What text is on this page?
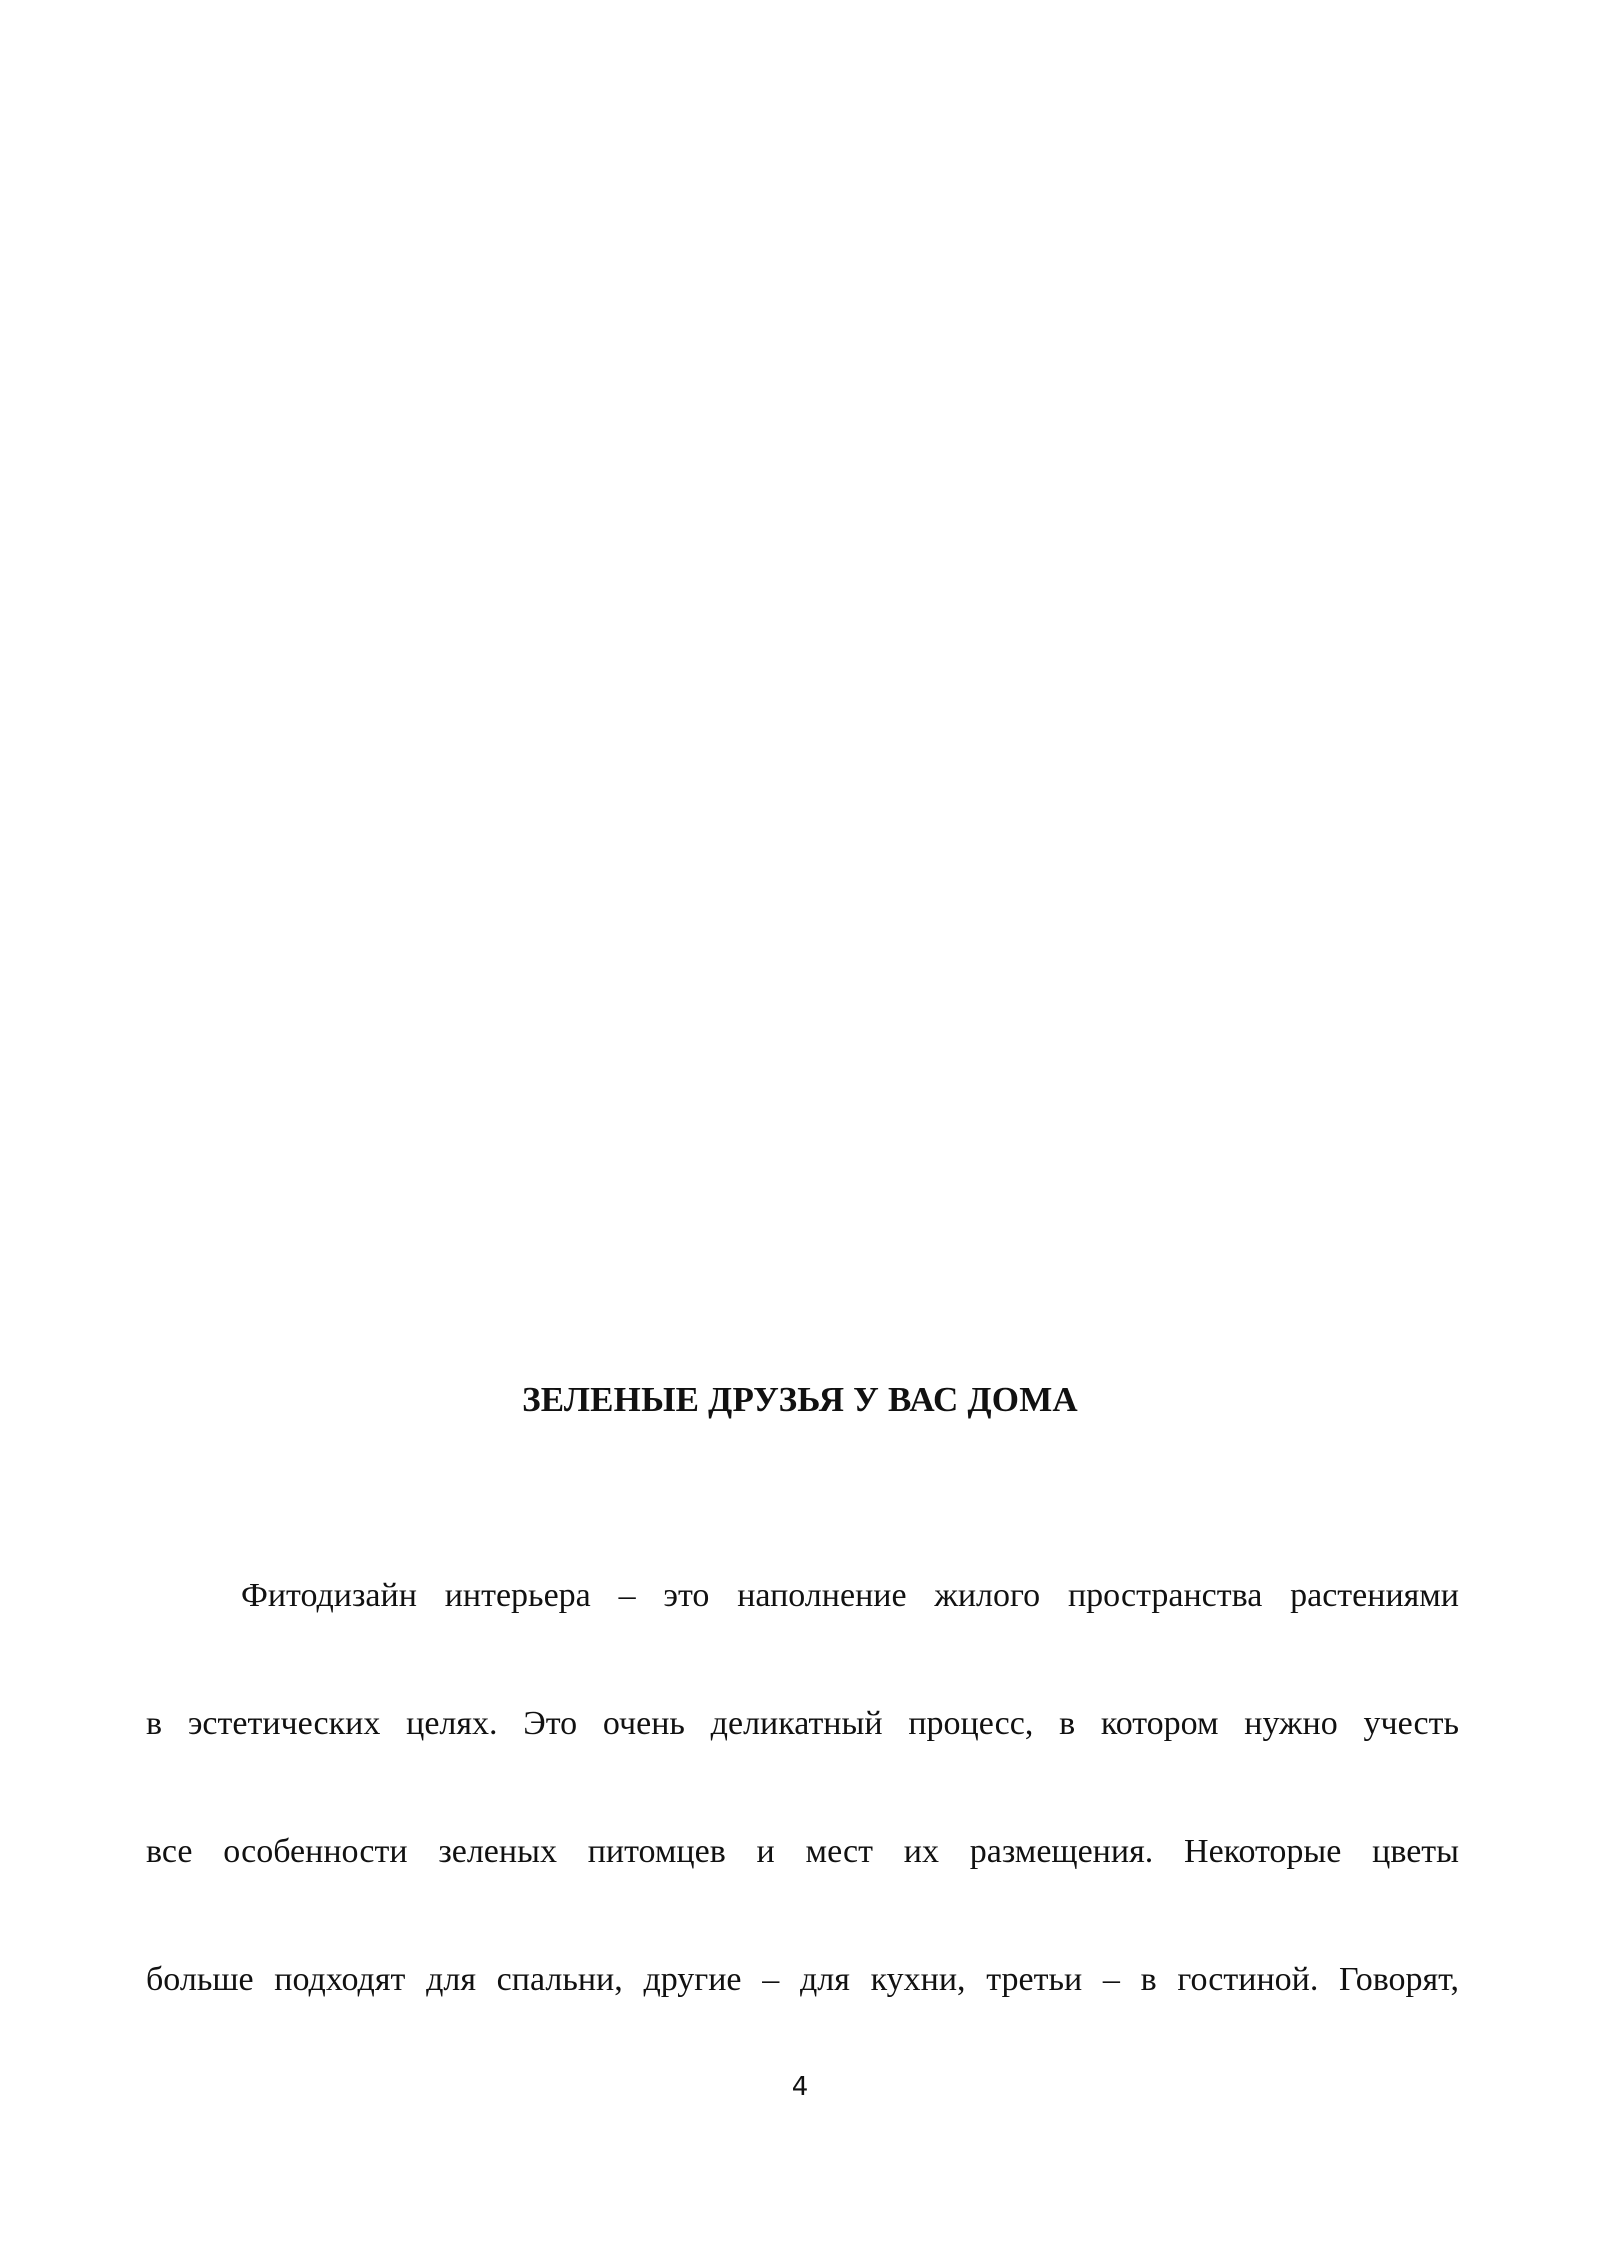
ЗЕЛЕНЫЕ ДРУЗЬЯ У ВАС ДОМА
Фитодизайн интерьера – это наполнение жилого пространства растениями
в эстетических целях. Это очень деликатный процесс, в котором нужно учесть
все особенности зеленых питомцев и мест их размещения. Некоторые цветы
больше подходят для спальни, другие – для кухни, третьи – в гостиной. Говорят,
4
